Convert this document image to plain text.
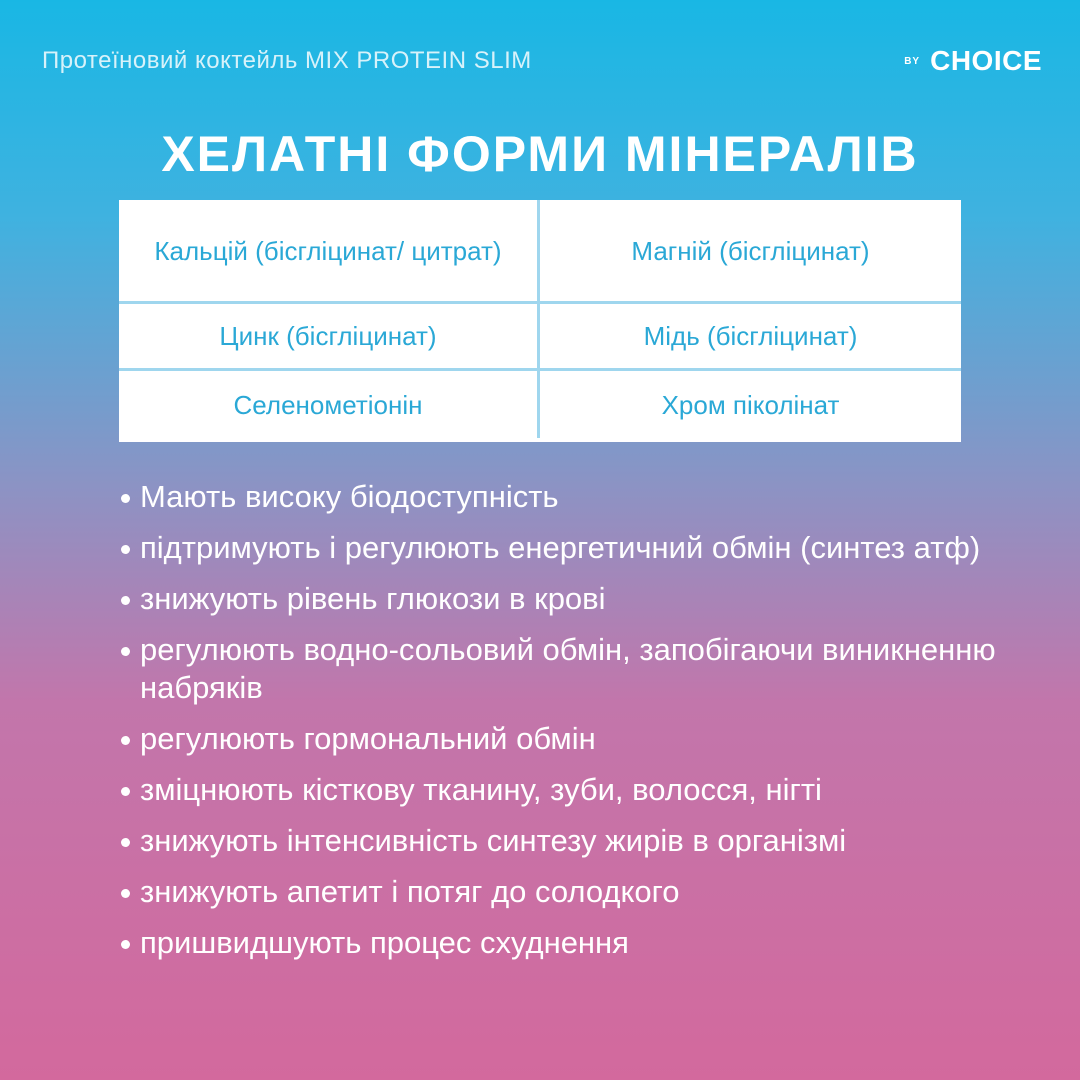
Протеїновий коктейль MIX PROTEIN SLIM	BY CHOICE
ХЕЛАТНІ ФОРМИ МІНЕРАЛІВ
Кальцій (бісгліцинат/ цитрат)	Магній (бісгліцинат)
Цинк (бісгліцинат)	Мідь (бісгліцинат)
Селенометіонін	Хром піколінат
Мають високу біодоступність
підтримують і регулюють енергетичний обмін (синтез атф)
знижують рівень глюкози в крові
регулюють водно-сольовий обмін, запобігаючи виникненню набряків
регулюють гормональний обмін
зміцнюють кісткову тканину, зуби, волосся, нігті
знижують інтенсивність синтезу жирів в організмі
знижують апетит і потяг до солодкого
пришвидшують процес схуднення
